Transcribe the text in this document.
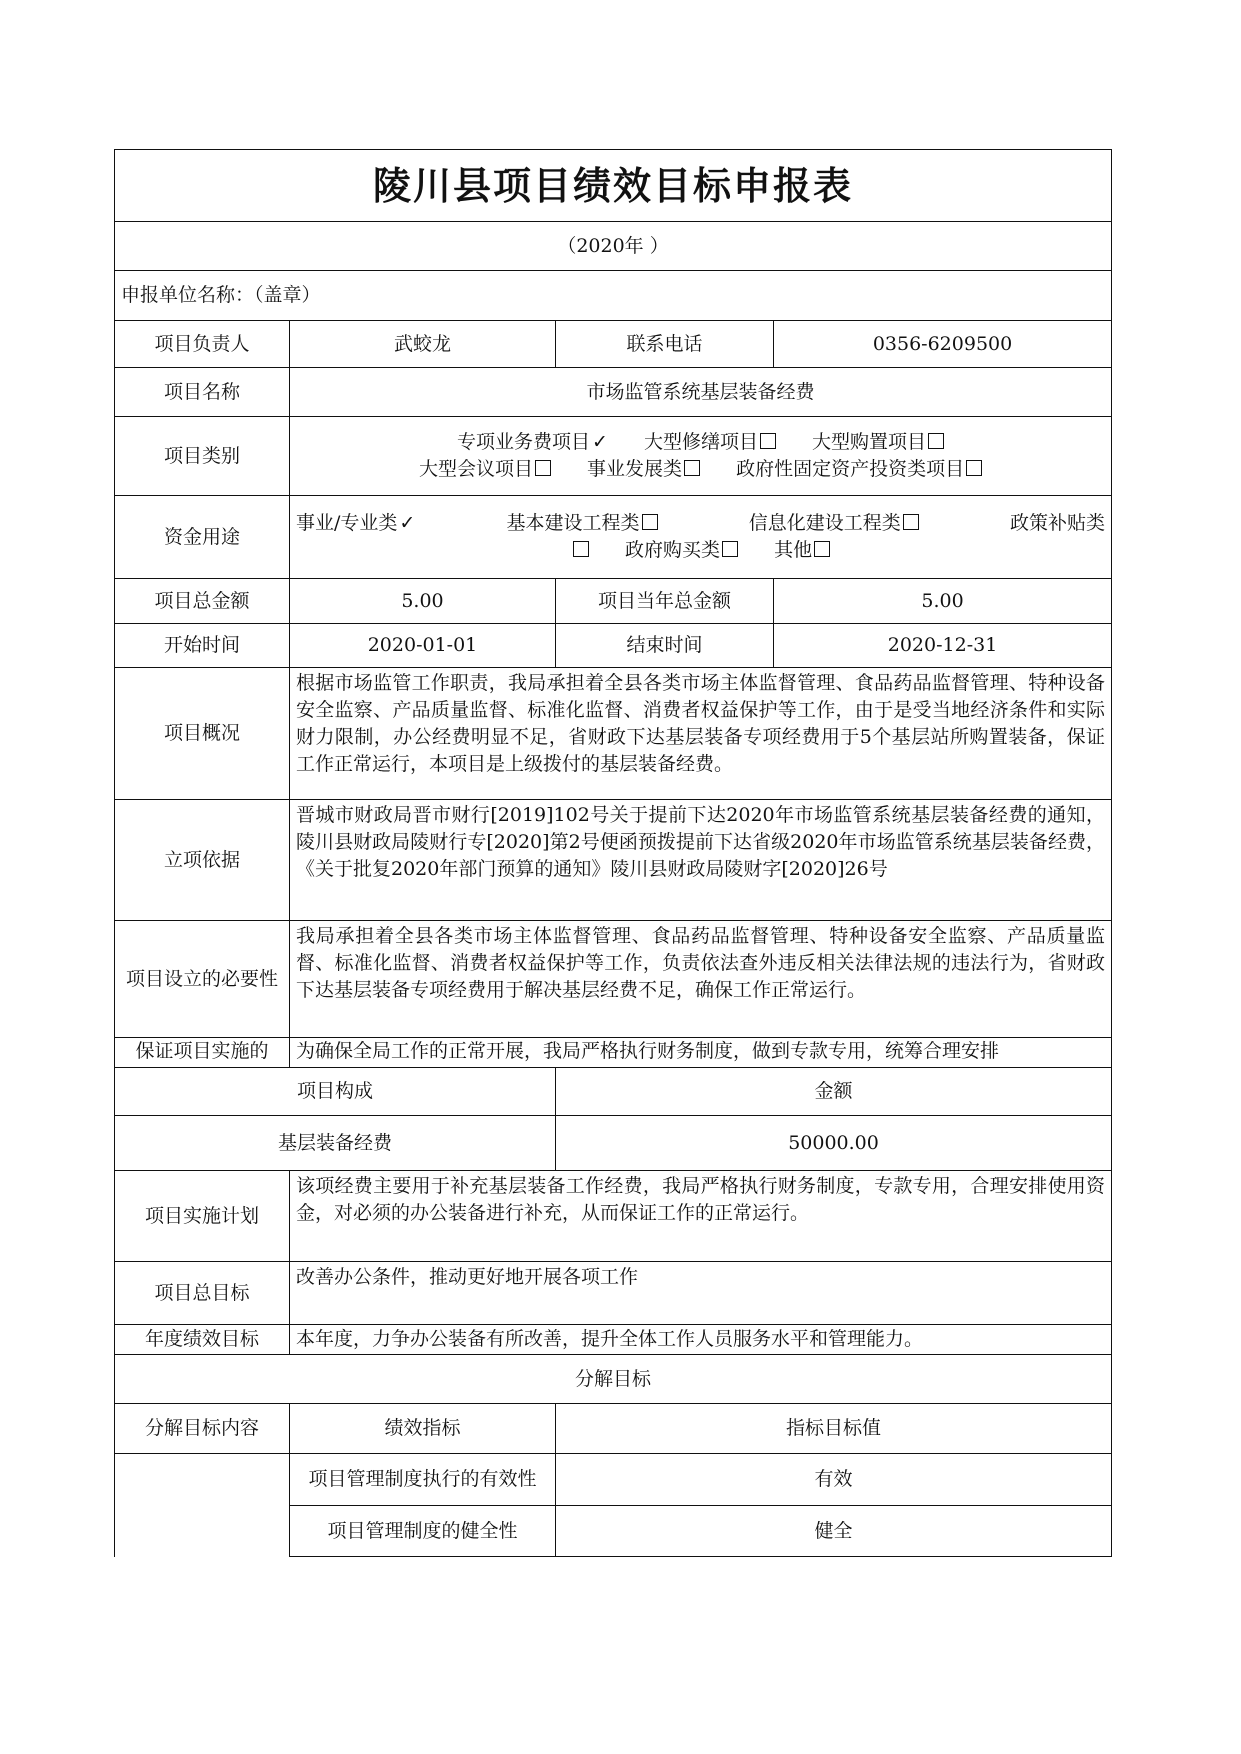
陵川县项目绩效目标申报表			
（2020年 ）			
申报单位名称：（盖章）			
项目负责人	武蛟龙	联系电话	0356-6209500
项目名称	市场监管系统基层装备经费		
项目类别	专项业务费项目 ✓ 大型修缮项目 大型购置项目
大型会议项目 事业发展类 政府性固定资产投资类项目		

资金用途	事业/专业类 ✓ 基本建设工程类 信息化建设工程类 政策补贴类
政府购买类 其他		

项目总金额	5.00	项目当年总金额	5.00
开始时间	2020-01-01	结束时间	2020-12-31
项目概况	根据市场监管工作职责，我局承担着全县各类市场主体监督管理、食品药品监督管理、特种设备安全监察、产品质量监督、标准化监督、消费者权益保护等工作，由于是受当地经济条件和实际财力限制，办公经费明显不足，省财政下达基层装备专项经费用于5个基层站所购置装备，保证工作正常运行，本项目是上级拨付的基层装备经费。		
立项依据	晋城市财政局晋市财行[2019]102号关于提前下达2020年市场监管系统基层装备经费的通知，陵川县财政局陵财行专[2020]第2号便函预拨提前下达省级2020年市场监管系统基层装备经费，《关于批复2020年部门预算的通知》陵川县财政局陵财字[2020]26号		
项目设立的必要性	我局承担着全县各类市场主体监督管理、食品药品监督管理、特种设备安全监察、产品质量监督、标准化监督、消费者权益保护等工作，负责依法查外违反相关法律法规的违法行为，省财政下达基层装备专项经费用于解决基层经费不足，确保工作正常运行。		
保证项目实施的	为确保全局工作的正常开展，我局严格执行财务制度，做到专款专用，统筹合理安排		
项目构成		金额	
基层装备经费		50000.00	
项目实施计划	该项经费主要用于补充基层装备工作经费，我局严格执行财务制度，专款专用，合理安排使用资金，对必须的办公装备进行补充，从而保证工作的正常运行。		
项目总目标	改善办公条件，推动更好地开展各项工作		
年度绩效目标	本年度，力争办公装备有所改善，提升全体工作人员服务水平和管理能力。		
分解目标			
分解目标内容	绩效指标	指标目标值	
	项目管理制度执行的有效性	有效	
	项目管理制度的健全性	健全	
